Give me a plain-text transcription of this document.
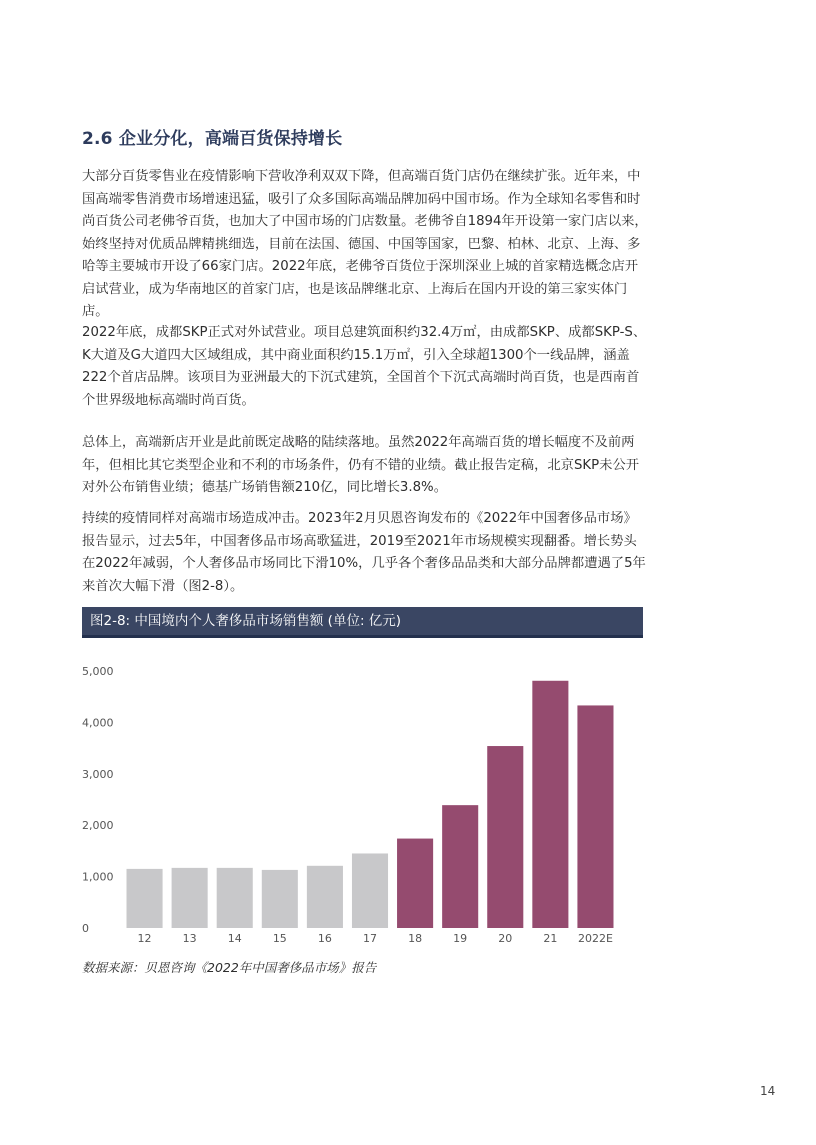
2.6 企业分化，高端百货保持增长

大部分百货零售业在疫情影响下营收净利双双下降，但高端百货门店仍在继续扩张。近年来，中国高端零售消费市场增速迅猛，吸引了众多国际高端品牌加码中国市场。作为全球知名零售和时尚百货公司老佛爷百货，也加大了中国市场的门店数量。老佛爷自1894年开设第一家门店以来，始终坚持对优质品牌精挑细选，目前在法国、德国、中国等国家，巴黎、柏林、北京、上海、多哈等主要城市开设了66家门店。2022年底，老佛爷百货位于深圳深业上城的首家精选概念店开启试营业，成为华南地区的首家门店，也是该品牌继北京、上海后在国内开设的第三家实体门店。

2022年底，成都SKP正式对外试营业。项目总建筑面积约32.4万㎡，由成都SKP、成都SKP-S、K大道及G大道四大区域组成，其中商业面积约15.1万㎡，引入全球超1300个一线品牌，涵盖222个首店品牌。该项目为亚洲最大的下沉式建筑，全国首个下沉式高端时尚百货，也是西南首个世界级地标高端时尚百货。

总体上，高端新店开业是此前既定战略的陆续落地。虽然2022年高端百货的增长幅度不及前两年，但相比其它类型企业和不利的市场条件，仍有不错的业绩。截止报告定稿，北京SKP未公开对外公布销售业绩；德基广场销售额210亿，同比增长3.8%。

持续的疫情同样对高端市场造成冲击。2023年2月贝恩咨询发布的《2022年中国奢侈品市场》报告显示，过去5年，中国奢侈品市场高歌猛进，2019至2021年市场规模实现翻番。增长势头在2022年减弱，个人奢侈品市场同比下滑10%，几乎各个奢侈品品类和大部分品牌都遭遇了5年来首次大幅下滑（图2-8）。

图2-8: 中国境内个人奢侈品市场销售额 (单位: 亿元)
0
1,000
2,000
3,000
4,000
5,000
12	13	14	15	16	17	18	19	20	21 2022E
数据来源：贝恩咨询《2022年中国奢侈品市场》报告
14
